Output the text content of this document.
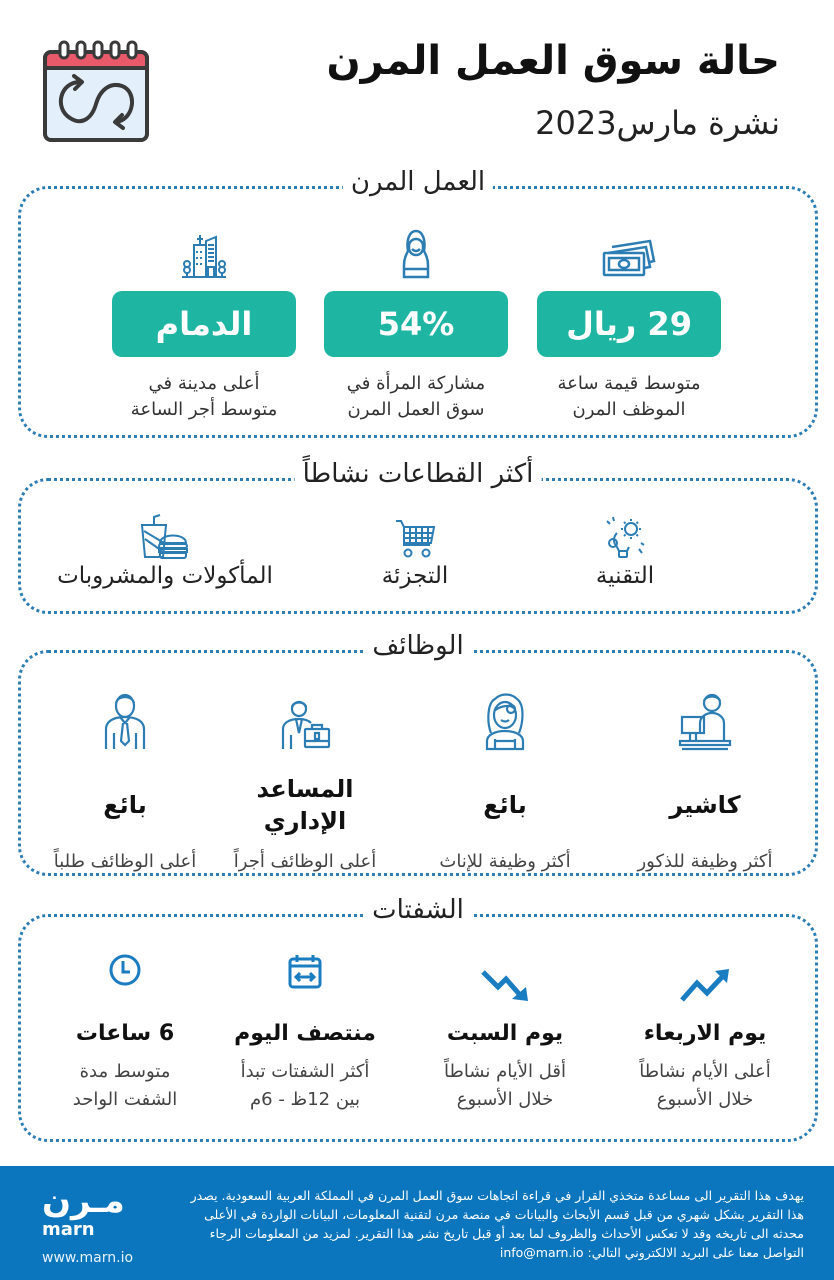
حالة سوق العمل المرن
نشرة مارس2023
العمل المرن
29 ريال
متوسط قيمة ساعة
الموظف المرن
54%
مشاركة المرأة في
سوق العمل المرن
الدمام
أعلى مدينة في
متوسط أجر الساعة
أكثر القطاعات نشاطاً
التقنية
التجزئة
المأكولات والمشروبات
الوظائف
كاشير
أكثر وظيفة للذكور
بائع
أكثر وظيفة للإناث
المساعد
الإداري
أعلى الوظائف أجراً
بائع
أعلى الوظائف طلباً
الشفتات
يوم الاربعاء
أعلى الأيام نشاطاً
خلال الأسبوع
يوم السبت
أقل الأيام نشاطاً
خلال الأسبوع
منتصف اليوم
أكثر الشفتات تبدأ
بين 12ظ - 6م
6 ساعات
متوسط مدة
الشفت الواحد
يهدف هذا التقرير الى مساعدة متخذي القرار في قراءة اتجاهات سوق العمل المرن في المملكة العربية السعودية. يصدر
هذا التقرير بشكل شهري من قبل قسم الأبحاث والبيانات في منصة مرن لتقنية المعلومات، البيانات الواردة في الأعلى
محدثه الى تاريخه وقد لا تعكس الأحداث والظروف لما بعد أو قبل تاريخ نشر هذا التقرير. لمزيد من المعلومات الرجاء
التواصل معنا على البريد الالكتروني التالي: info@marn.io
مـرن
marn
www.marn.io
